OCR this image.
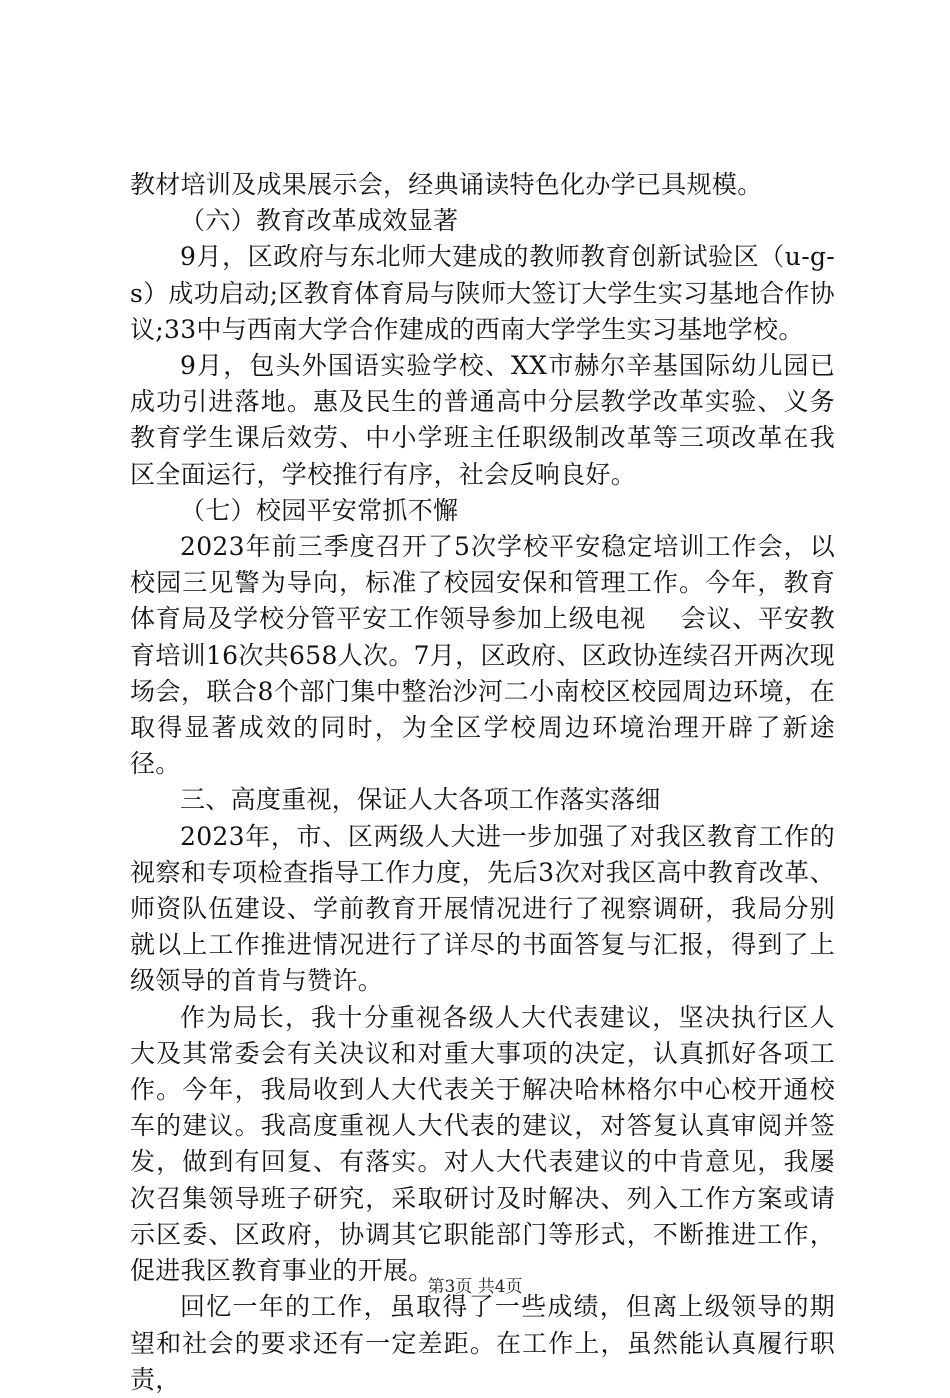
教材培训及成果展示会，经典诵读特色化办学已具规模。

（六）教育改革成效显著

9月，区政府与东北师大建成的教师教育创新试验区（u-g-s）成功启动;区教育体育局与陕师大签订大学生实习基地合作协议;33中与西南大学合作建成的西南大学学生实习基地学校。

9月，包头外国语实验学校、XX市赫尔辛基国际幼儿园已成功引进落地。惠及民生的普通高中分层教学改革实验、义务教育学生课后效劳、中小学班主任职级制改革等三项改革在我区全面运行，学校推行有序，社会反响良好。

（七）校园平安常抓不懈

2023年前三季度召开了5次学校平安稳定培训工作会，以校园三见警为导向，标准了校园安保和管理工作。今年，教育体育局及学校分管平安工作领导参加上级电视　 会议、平安教育培训16次共658人次。7月，区政府、区政协连续召开两次现场会，联合8个部门集中整治沙河二小南校区校园周边环境，在取得显著成效的同时，为全区学校周边环境治理开辟了新途径。

三、高度重视，保证人大各项工作落实落细

2023年，市、区两级人大进一步加强了对我区教育工作的视察和专项检查指导工作力度，先后3次对我区高中教育改革、师资队伍建设、学前教育开展情况进行了视察调研，我局分别就以上工作推进情况进行了详尽的书面答复与汇报，得到了上级领导的首肯与赞许。

作为局长，我十分重视各级人大代表建议，坚决执行区人大及其常委会有关决议和对重大事项的决定，认真抓好各项工作。今年，我局收到人大代表关于解决哈林格尔中心校开通校车的建议。我高度重视人大代表的建议，对答复认真审阅并签发，做到有回复、有落实。对人大代表建议的中肯意见，我屡次召集领导班子研究，采取研讨及时解决、列入工作方案或请示区委、区政府，协调其它职能部门等形式，不断推进工作，促进我区教育事业的开展。

回忆一年的工作，虽取得了一些成绩，但离上级领导的期望和社会的要求还有一定差距。在工作上，虽然能认真履行职责，

第3页 共4页
